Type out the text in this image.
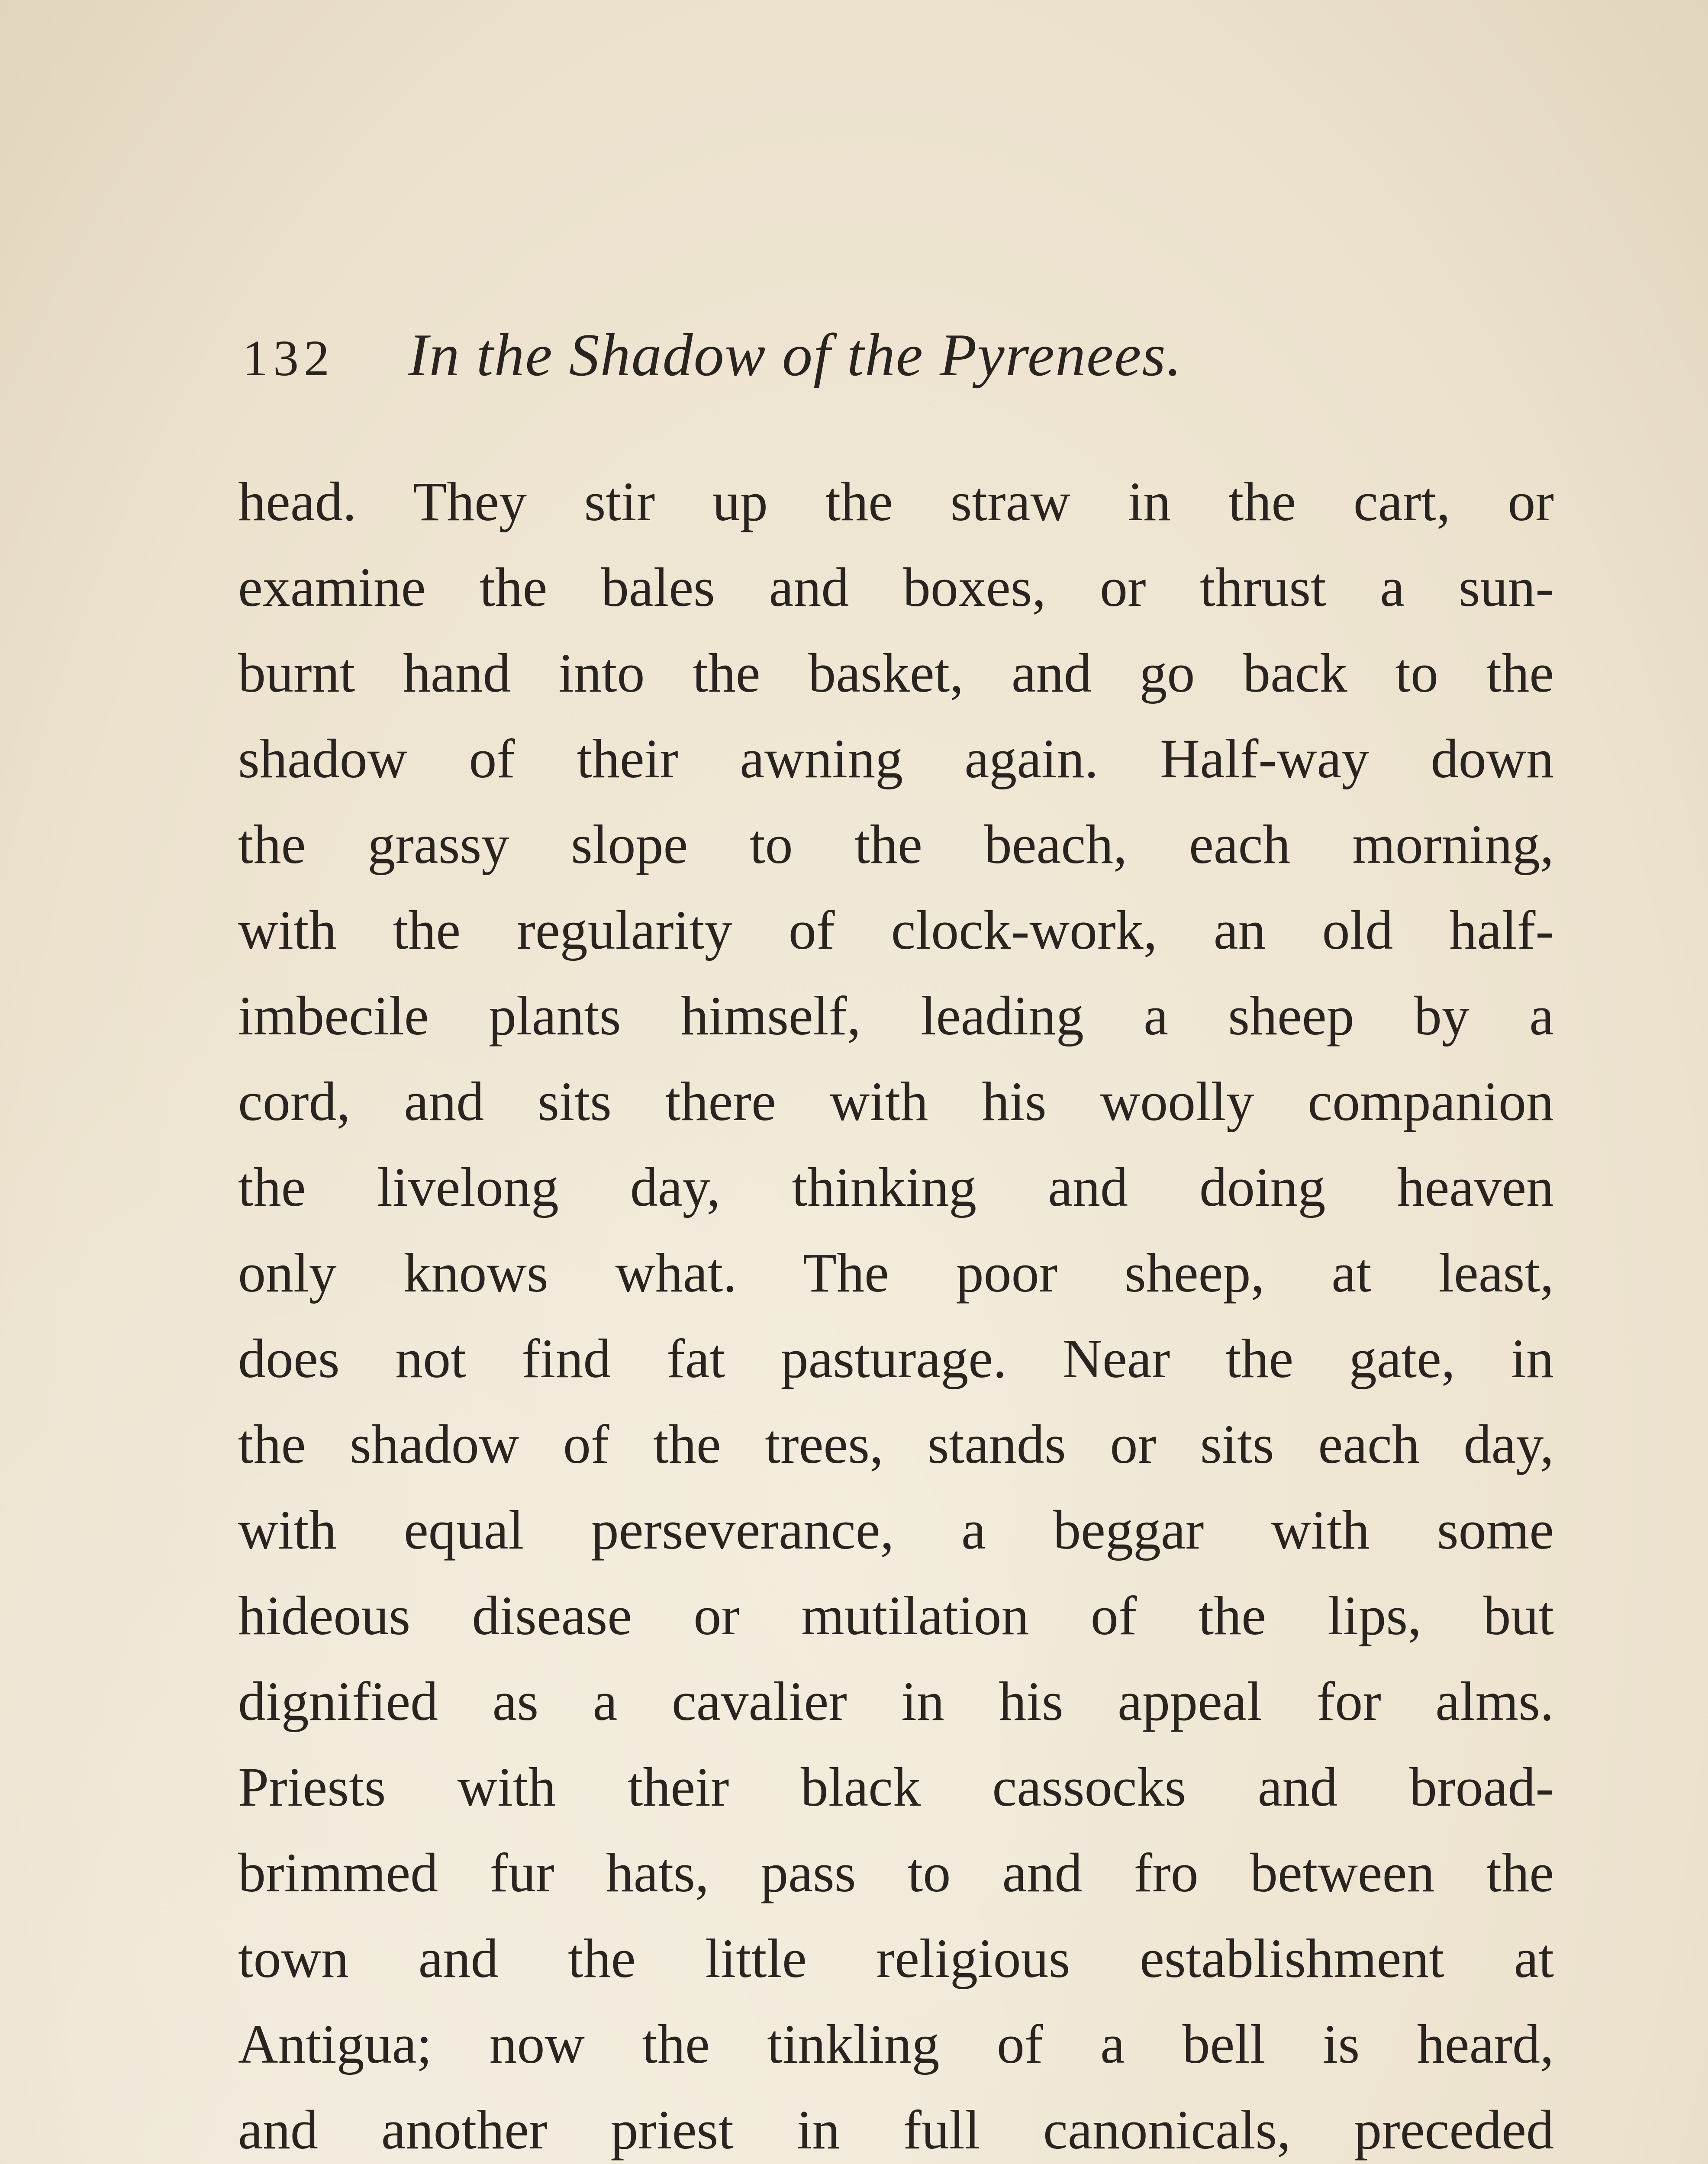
132 In the Shadow of the Pyrenees.
head. They stir up the straw in the cart, or
examine the bales and boxes, or thrust a sun-
burnt hand into the basket, and go back to the
shadow of their awning again. Half-way down
the grassy slope to the beach, each morning,
with the regularity of clock-work, an old half-
imbecile plants himself, leading a sheep by a
cord, and sits there with his woolly companion
the livelong day, thinking and doing heaven
only knows what. The poor sheep, at least,
does not find fat pasturage. Near the gate, in
the shadow of the trees, stands or sits each day,
with equal perseverance, a beggar with some
hideous disease or mutilation of the lips, but
dignified as a cavalier in his appeal for alms.
Priests with their black cassocks and broad-
brimmed fur hats, pass to and fro between the
town and the little religious establishment at
Antigua; now the tinkling of a bell is heard,
and another priest in full canonicals, preceded
